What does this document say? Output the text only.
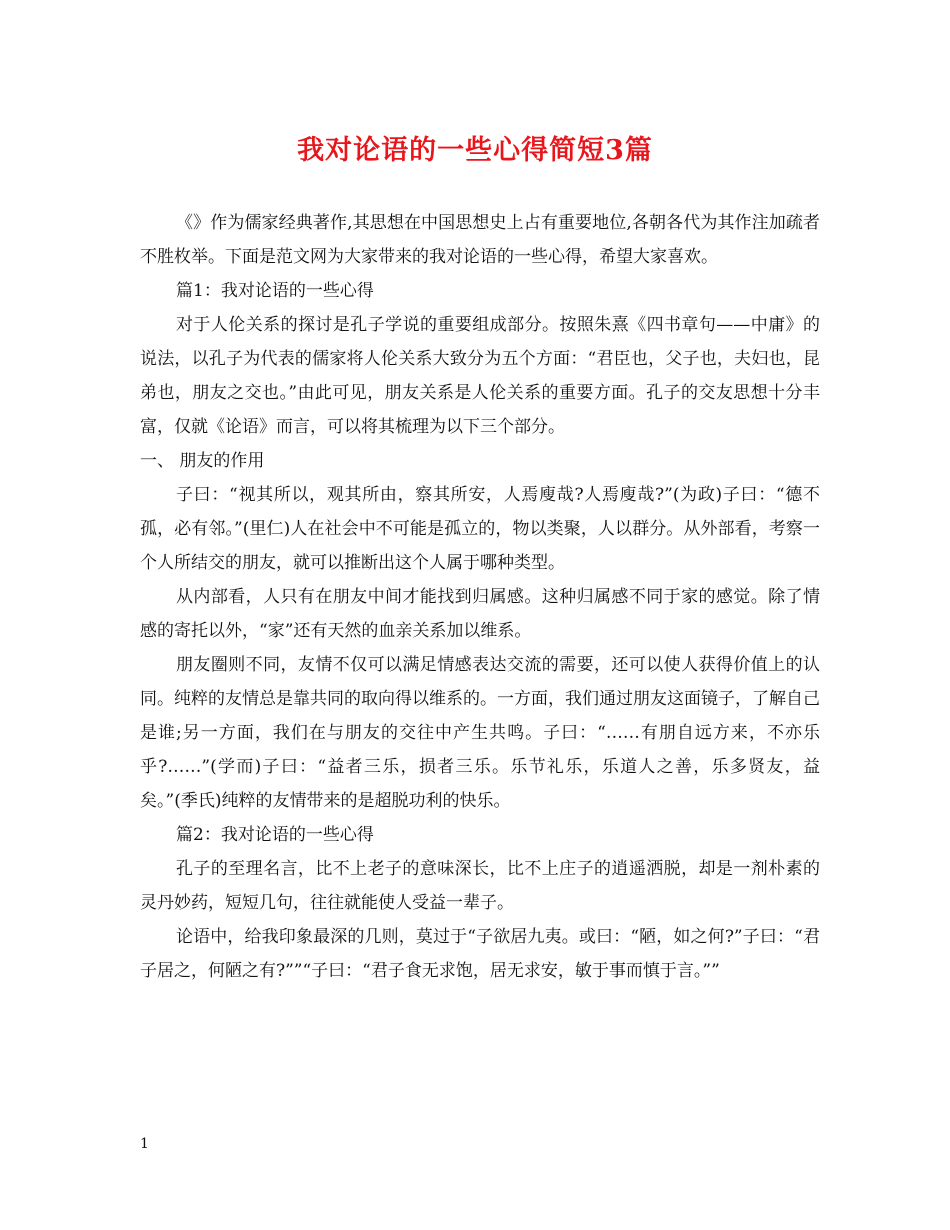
我对论语的一些心得简短3篇

《》作为儒家经典著作,其思想在中国思想史上占有重要地位,各朝各代为其作注加疏者不胜枚举。下面是范文网为大家带来的我对论语的一些心得，希望大家喜欢。

篇1：我对论语的一些心得

对于人伦关系的探讨是孔子学说的重要组成部分。按照朱熹《四书章句——中庸》的说法，以孔子为代表的儒家将人伦关系大致分为五个方面：“君臣也，父子也，夫妇也，昆弟也，朋友之交也。”由此可见，朋友关系是人伦关系的重要方面。孔子的交友思想十分丰富，仅就《论语》而言，可以将其梳理为以下三个部分。

一、 朋友的作用

子曰：“视其所以，观其所由，察其所安，人焉廋哉?人焉廋哉?”(为政)子曰：“德不孤，必有邻。”(里仁)人在社会中不可能是孤立的，物以类聚，人以群分。从外部看，考察一个人所结交的朋友，就可以推断出这个人属于哪种类型。

从内部看，人只有在朋友中间才能找到归属感。这种归属感不同于家的感觉。除了情感的寄托以外，“家”还有天然的血亲关系加以维系。

朋友圈则不同，友情不仅可以满足情感表达交流的需要，还可以使人获得价值上的认同。纯粹的友情总是靠共同的取向得以维系的。一方面，我们通过朋友这面镜子，了解自己是谁;另一方面，我们在与朋友的交往中产生共鸣。子曰：“……有朋自远方来，不亦乐乎?……”(学而)子曰：“益者三乐，损者三乐。乐节礼乐，乐道人之善，乐多贤友，益矣。”(季氏)纯粹的友情带来的是超脱功利的快乐。

篇2：我对论语的一些心得

孔子的至理名言，比不上老子的意味深长，比不上庄子的逍遥洒脱，却是一剂朴素的灵丹妙药，短短几句，往往就能使人受益一辈子。

论语中，给我印象最深的几则，莫过于“子欲居九夷。或曰：“陋，如之何?”子曰：“君子居之，何陋之有?””“子曰：“君子食无求饱，居无求安，敏于事而慎于言。””

1
